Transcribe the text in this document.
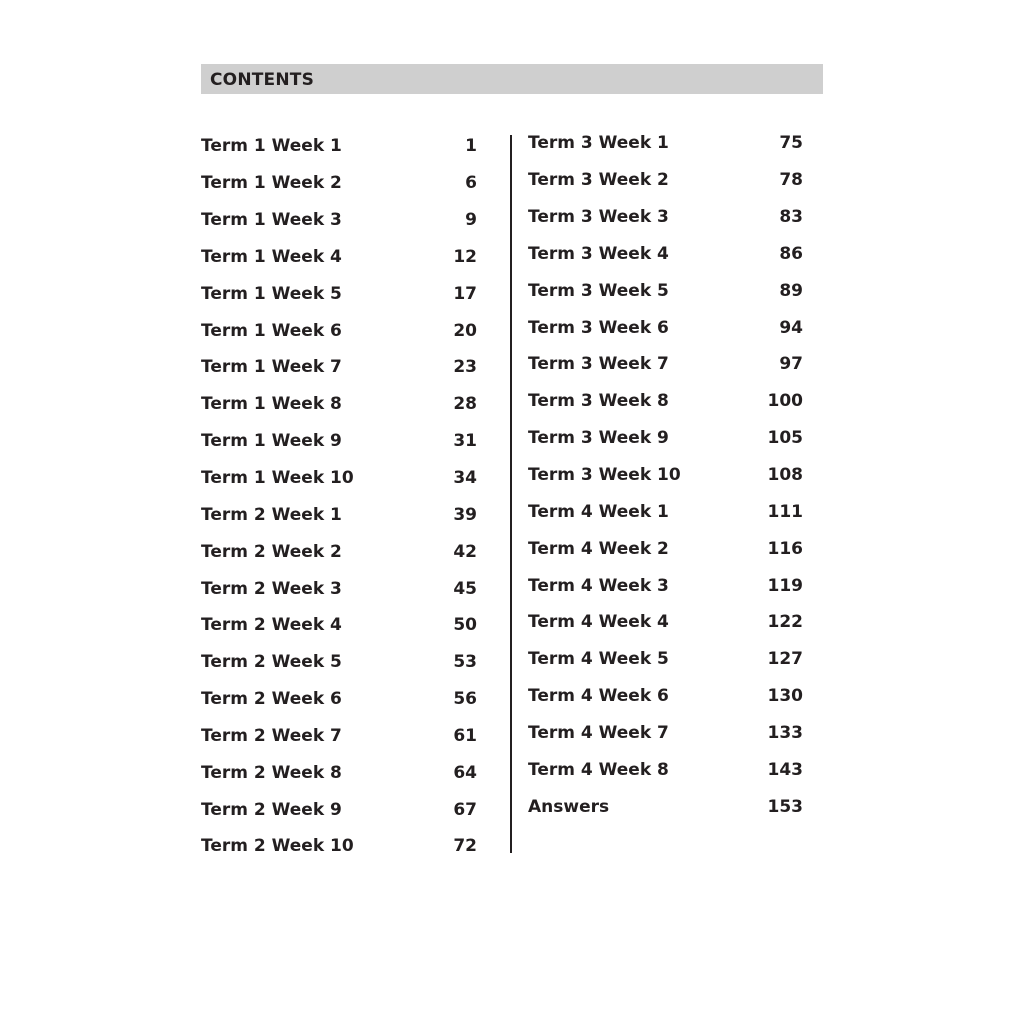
CONTENTS
Term 1 Week 1	1
Term 1 Week 2	6
Term 1 Week 3	9
Term 1 Week 4	12
Term 1 Week 5	17
Term 1 Week 6	20
Term 1 Week 7	23
Term 1 Week 8	28
Term 1 Week 9	31
Term 1 Week 10	34
Term 2 Week 1	39
Term 2 Week 2	42
Term 2 Week 3	45
Term 2 Week 4	50
Term 2 Week 5	53
Term 2 Week 6	56
Term 2 Week 7	61
Term 2 Week 8	64
Term 2 Week 9	67
Term 2 Week 10	72
Term 3 Week 1	75
Term 3 Week 2	78
Term 3 Week 3	83
Term 3 Week 4	86
Term 3 Week 5	89
Term 3 Week 6	94
Term 3 Week 7	97
Term 3 Week 8	100
Term 3 Week 9	105
Term 3 Week 10	108
Term 4 Week 1	111
Term 4 Week 2	116
Term 4 Week 3	119
Term 4 Week 4	122
Term 4 Week 5	127
Term 4 Week 6	130
Term 4 Week 7	133
Term 4 Week 8	143
Answers	153
